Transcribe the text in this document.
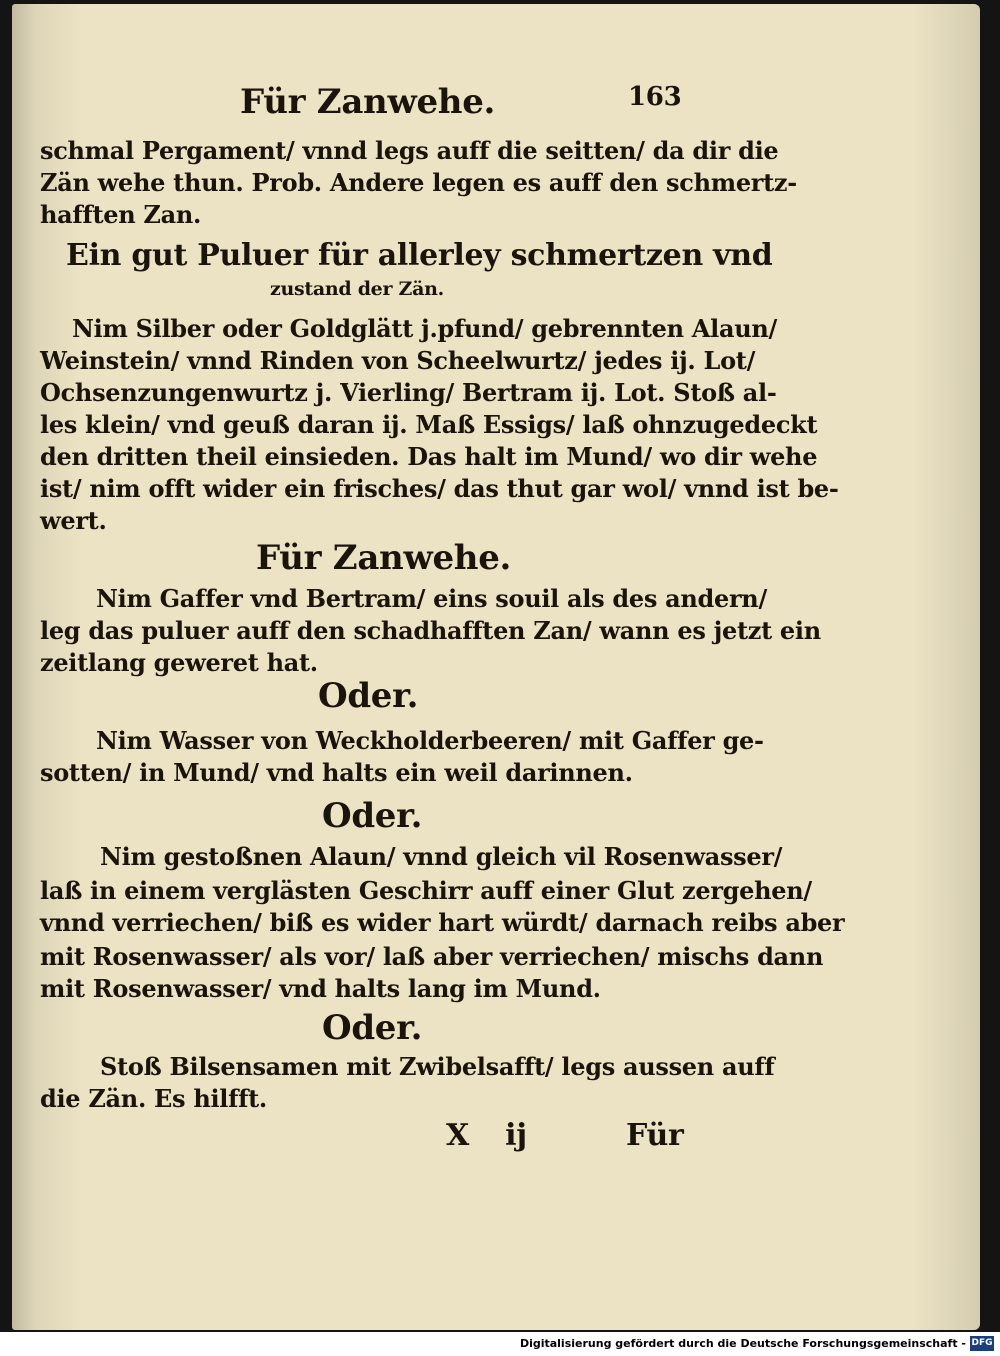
Für Zanwehe.	163
schmal Pergament/ vnnd legs auff die seitten/ da dir die
Zän wehe thun. Prob. Andere legen es auff den schmertz-
hafften Zan.
Ein gut Puluer für allerley schmertzen vnd
zustand der Zän.
Nim Silber oder Goldglätt j.pfund/ gebrennten Alaun/
Weinstein/ vnnd Rinden von Scheelwurtz/ jedes ij. Lot/
Ochsenzungenwurtz j. Vierling/ Bertram ij. Lot. Stoß al-
les klein/ vnd geuß daran ij. Maß Essigs/ laß ohnzugedeckt
den dritten theil einsieden. Das halt im Mund/ wo dir wehe
ist/ nim offt wider ein frisches/ das thut gar wol/ vnnd ist be-
wert.
Für Zanwehe.
Nim Gaffer vnd Bertram/ eins souil als des andern/
leg das puluer auff den schadhafften Zan/ wann es jetzt ein
zeitlang geweret hat.
Oder.
Nim Wasser von Weckholderbeeren/ mit Gaffer ge-
sotten/ in Mund/ vnd halts ein weil darinnen.
Oder.
Nim gestoßnen Alaun/ vnnd gleich vil Rosenwasser/
laß in einem verglästen Geschirr auff einer Glut zergehen/
vnnd verriechen/ biß es wider hart würdt/ darnach reibs aber
mit Rosenwasser/ als vor/ laß aber verriechen/ mischs dann
mit Rosenwasser/ vnd halts lang im Mund.
Oder.
Stoß Bilsensamen mit Zwibelsafft/ legs aussen auff
die Zän. Es hilfft.
X ij	Für
Digitalisierung gefördert durch die Deutsche Forschungsgemeinschaft - DFG
